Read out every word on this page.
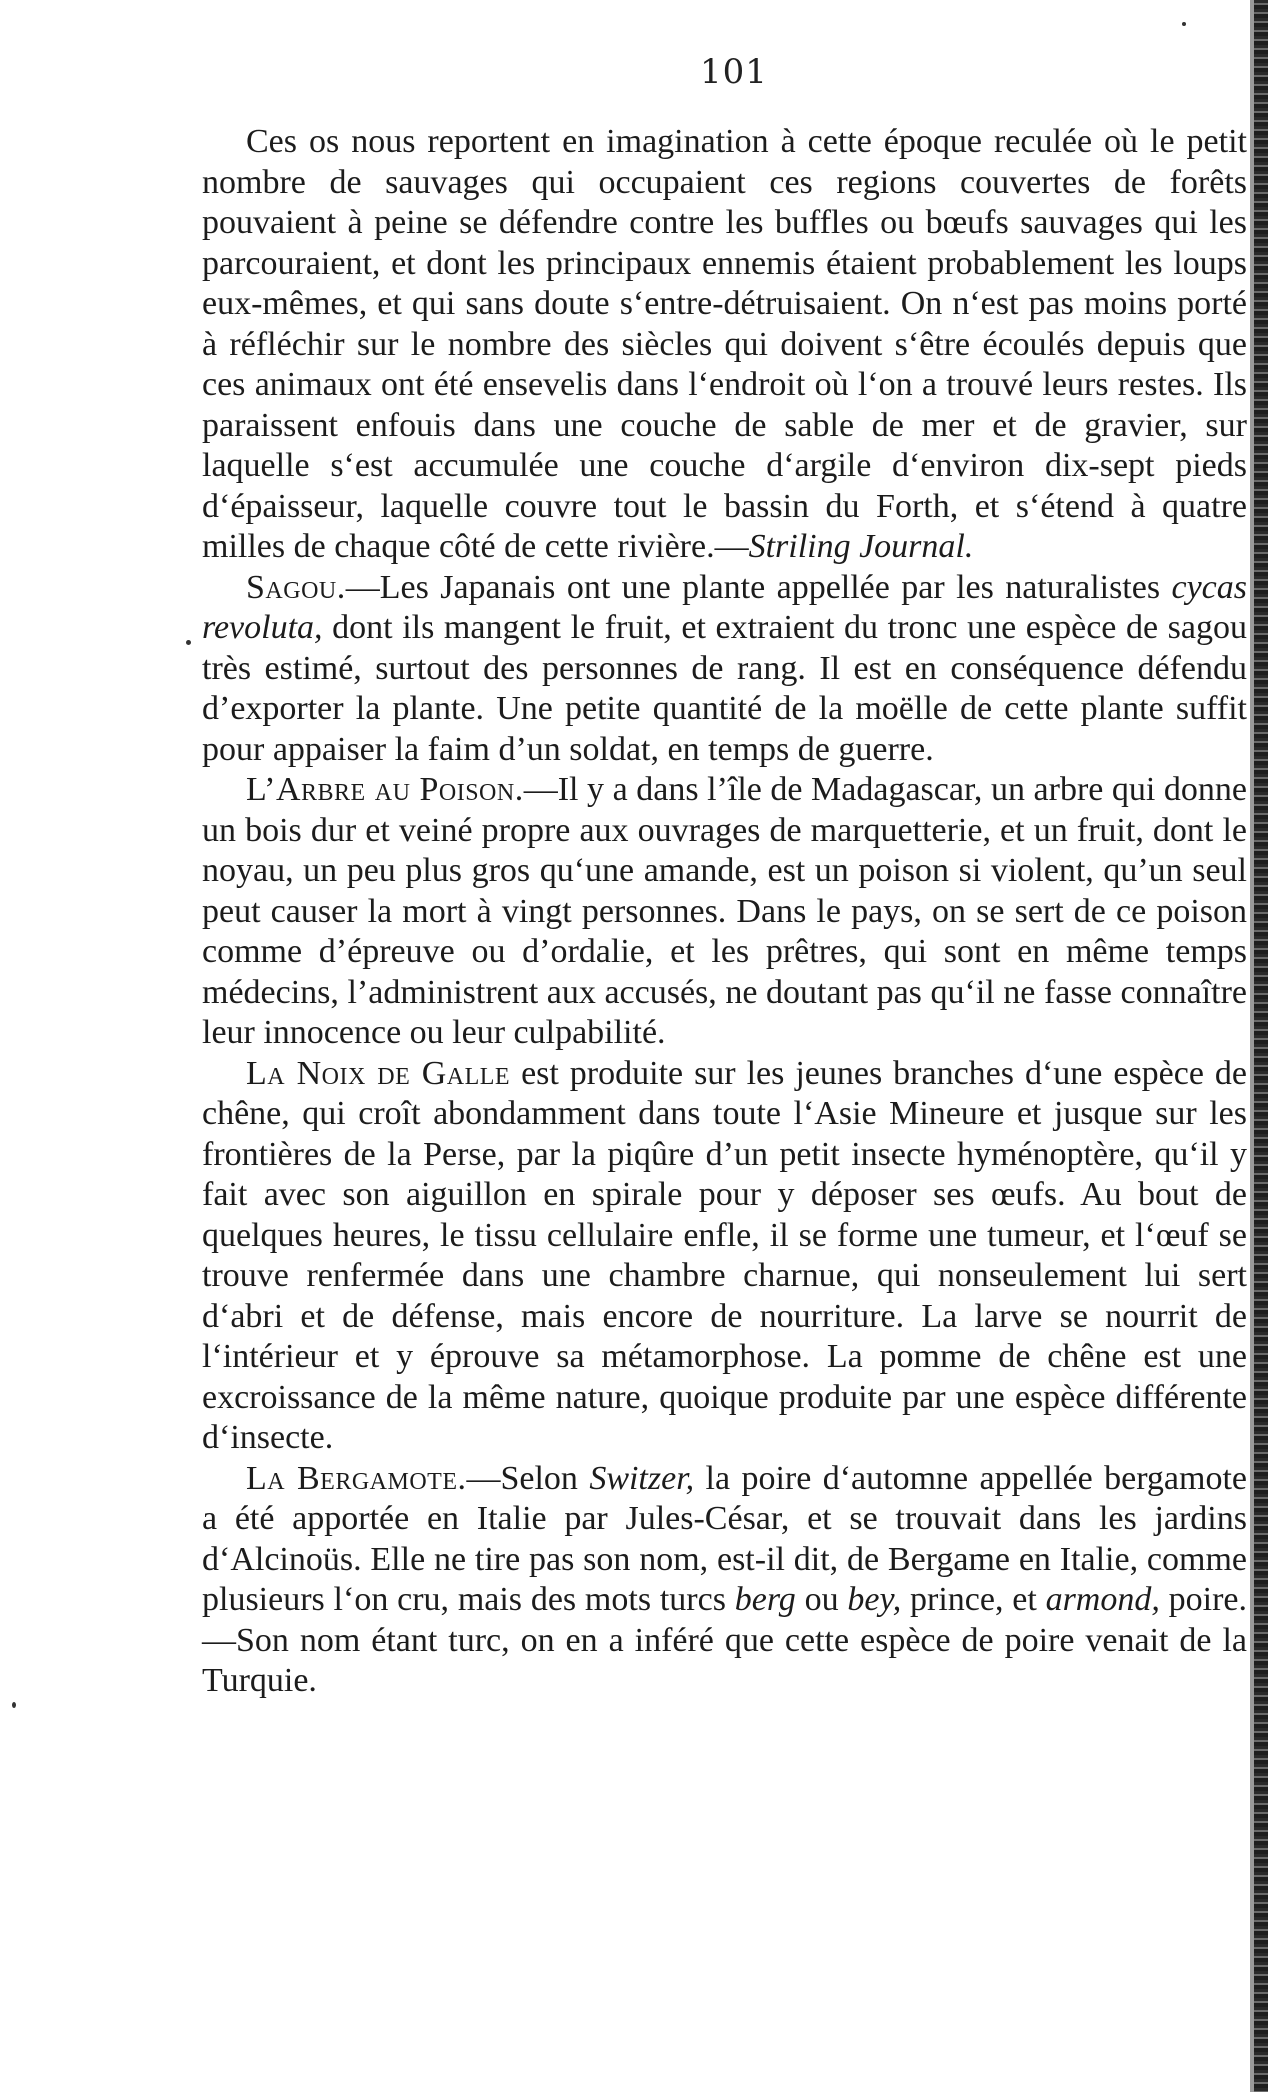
101

Ces os nous reportent en imagination à cette époque reculée où le petit nombre de sauvages qui occupaient ces regions couvertes de forêts pouvaient à peine se défendre contre les buffles ou bœufs sauvages qui les parcouraient, et dont les principaux ennemis étaient probablement les loups eux-mêmes, et qui sans doute s‘entre-détruisaient. On n‘est pas moins porté à réfléchir sur le nombre des siècles qui doivent s‘être écoulés depuis que ces animaux ont été ensevelis dans l‘endroit où l‘on a trouvé leurs restes. Ils paraissent enfouis dans une couche de sable de mer et de gravier, sur laquelle s‘est accumulée une couche d‘argile d‘environ dix-sept pieds d‘épaisseur, laquelle couvre tout le bassin du Forth, et s‘étend à quatre milles de chaque côté de cette rivière.—Striling Journal.

Sagou.—Les Japanais ont une plante appellée par les naturalistes cycas revoluta, dont ils mangent le fruit, et extraient du tronc une espèce de sagou très estimé, surtout des personnes de rang. Il est en conséquence défendu d’exporter la plante. Une petite quantité de la moëlle de cette plante suffit pour appaiser la faim d’un soldat, en temps de guerre.

L’Arbre au Poison.—Il y a dans l’île de Madagascar, un arbre qui donne un bois dur et veiné propre aux ouvrages de marquetterie, et un fruit, dont le noyau, un peu plus gros qu‘une amande, est un poison si violent, qu’un seul peut causer la mort à vingt personnes. Dans le pays, on se sert de ce poison comme d’épreuve ou d’ordalie, et les prêtres, qui sont en même temps médecins, l’administrent aux accusés, ne doutant pas qu‘il ne fasse connaître leur innocence ou leur culpabilité.

La Noix de Galle est produite sur les jeunes branches d‘une espèce de chêne, qui croît abondamment dans toute l‘Asie Mineure et jusque sur les frontières de la Perse, par la piqûre d’un petit insecte hyménoptère, qu‘il y fait avec son aiguillon en spirale pour y déposer ses œufs. Au bout de quelques heures, le tissu cellulaire enfle, il se forme une tumeur, et l‘œuf se trouve renfermée dans une chambre charnue, qui nonseulement lui sert d‘abri et de défense, mais encore de nourriture. La larve se nourrit de l‘intérieur et y éprouve sa métamorphose. La pomme de chêne est une excroissance de la même nature, quoique produite par une espèce différente d‘insecte.

La Bergamote.—Selon Switzer, la poire d‘automne appellée bergamote a été apportée en Italie par Jules-César, et se trouvait dans les jardins d‘Alcinoüs. Elle ne tire pas son nom, est-il dit, de Bergame en Italie, comme plusieurs l‘on cru, mais des mots turcs berg ou bey, prince, et armond, poire.—Son nom étant turc, on en a inféré que cette espèce de poire venait de la Turquie.
